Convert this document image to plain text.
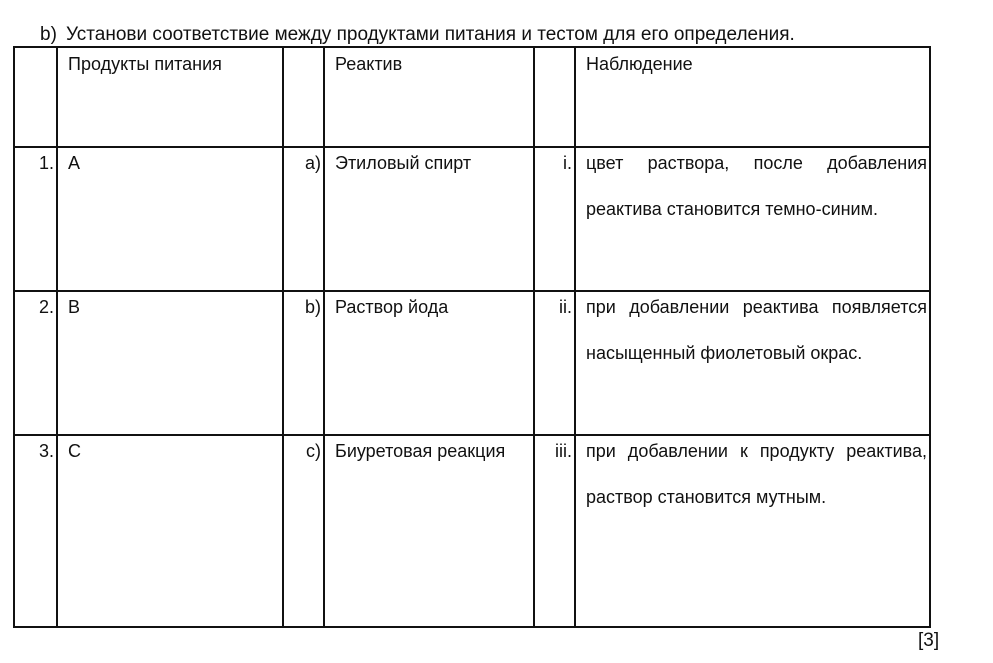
b) Установи соответствие между продуктами питания и тестом для его определения.
	Продукты питания		Реактив		Наблюдение

1.	A	a)	Этиловый спирт	i.	цвет раствора, после добавления реактива становится темно-синим.

2.	B	b)	Раствор йода	ii.	при добавлении реактива появляется насыщенный фиолетовый окрас.

3.	C	c)	Биуретовая реакция	iii.	при добавлении к продукту реактива, раствор становится мутным.
[3]
